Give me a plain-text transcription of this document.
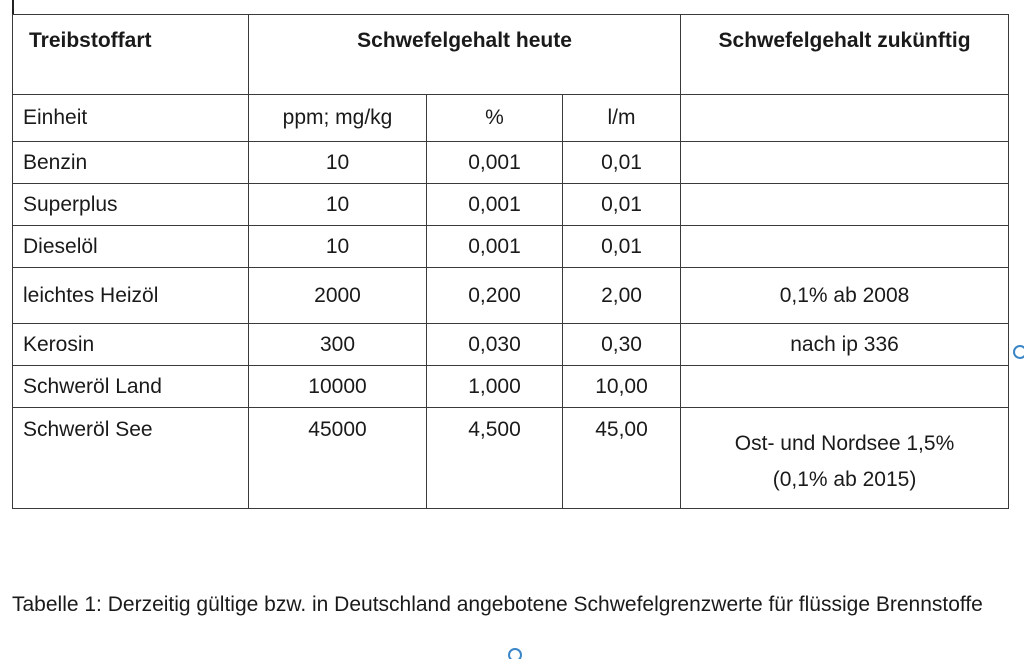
Treibstoffart	Schwefelgehalt heute			Schwefelgehalt zukünftig
Einheit	ppm; mg/kg	%	l/m	
Benzin	10	0,001	0,01	
Superplus	10	0,001	0,01	
Dieselöl	10	0,001	0,01	
leichtes Heizöl	2000	0,200	2,00	0,1% ab 2008
Kerosin	300	0,030	0,30	nach ip 336
Schweröl Land	10000	1,000	10,00	
Schweröl See	45000	4,500	45,00	Ost- und Nordsee 1,5%
(0,1% ab 2015)
Tabelle 1: Derzeitig gültige bzw. in Deutschland angebotene Schwefelgrenzwerte für flüssige Brennstoffe
